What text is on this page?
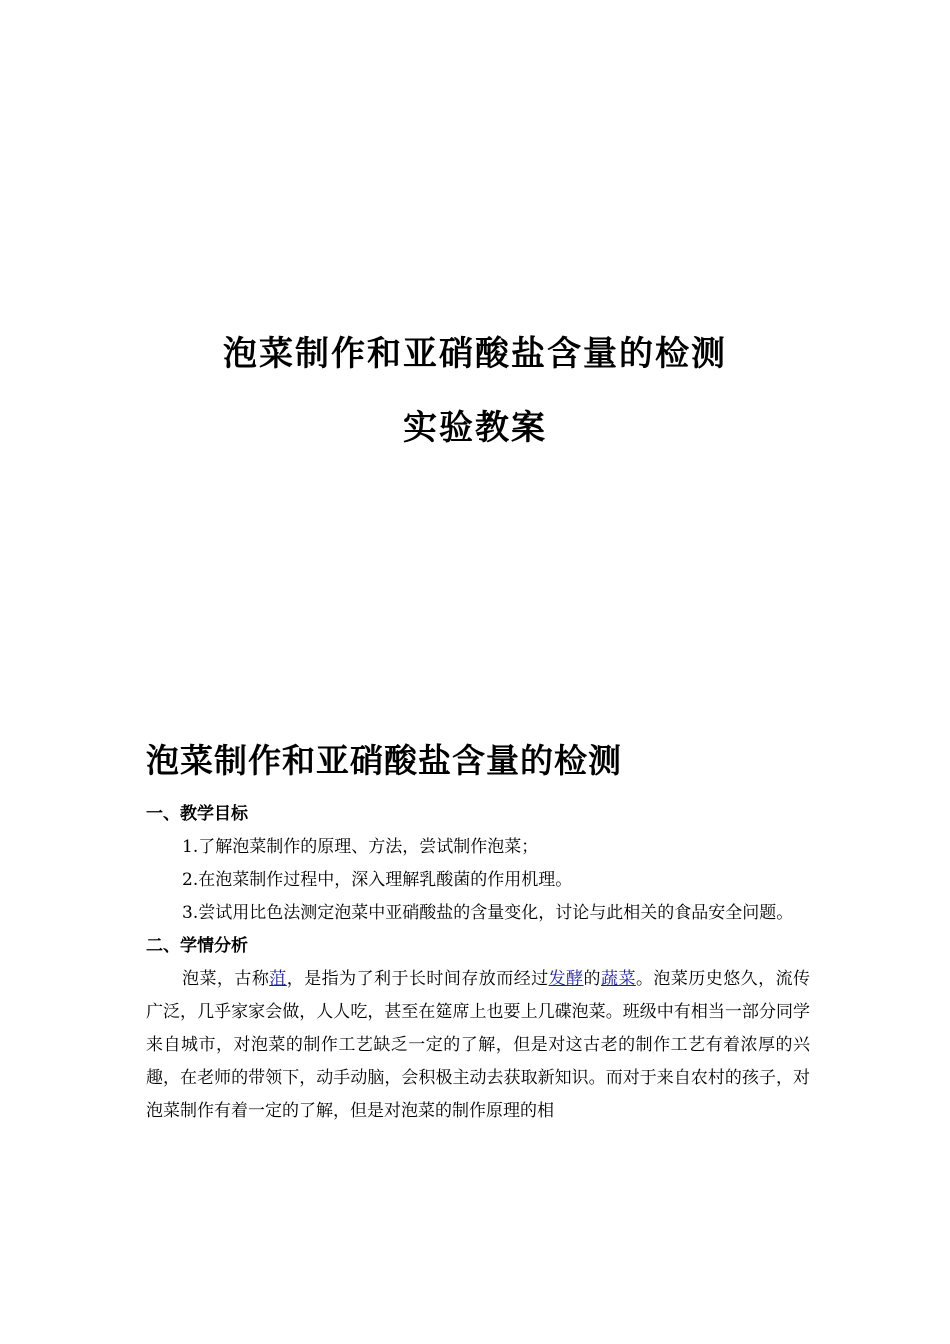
泡菜制作和亚硝酸盐含量的检测
实验教案
泡菜制作和亚硝酸盐含量的检测
一、教学目标
1.了解泡菜制作的原理、方法，尝试制作泡菜；
2.在泡菜制作过程中，深入理解乳酸菌的作用机理。
3.尝试用比色法测定泡菜中亚硝酸盐的含量变化，讨论与此相关的食品安全问题。
二、学情分析
泡菜，古称菹，是指为了利于长时间存放而经过发酵的蔬菜。泡菜历史悠久，流传广泛，几乎家家会做，人人吃，甚至在筵席上也要上几碟泡菜。班级中有相当一部分同学来自城市，对泡菜的制作工艺缺乏一定的了解，但是对这古老的制作工艺有着浓厚的兴趣，在老师的带领下，动手动脑，会积极主动去获取新知识。而对于来自农村的孩子，对泡菜制作有着一定的了解，但是对泡菜的制作原理的相
